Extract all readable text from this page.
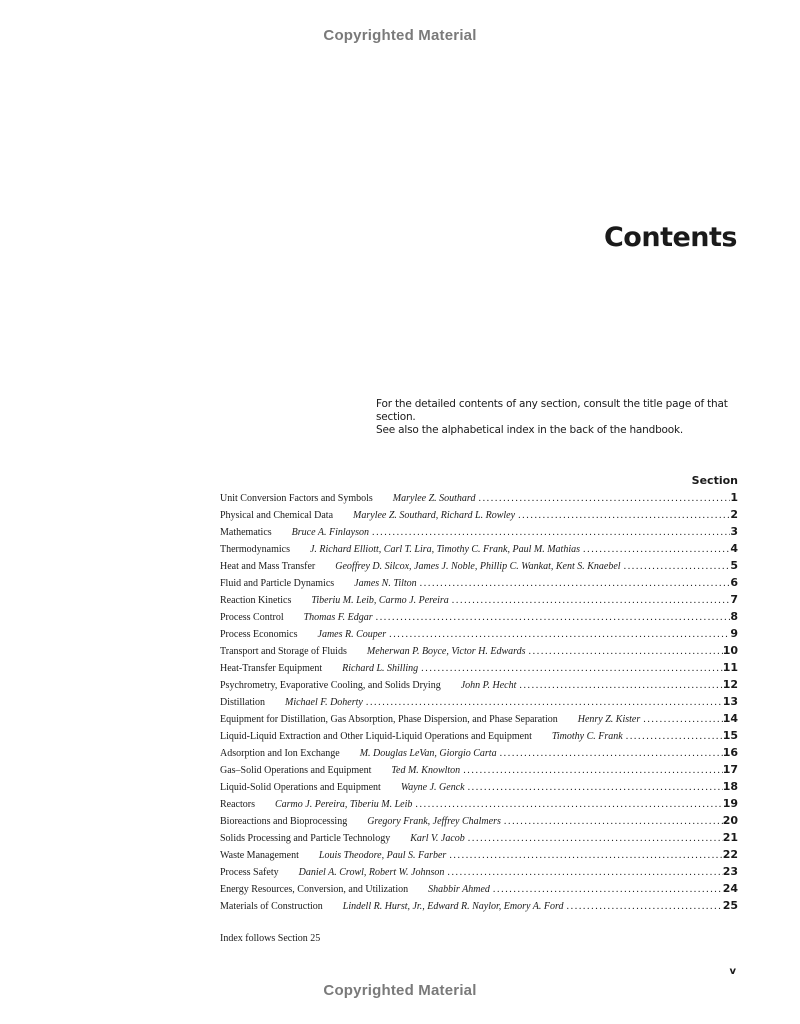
Copyrighted Material
Contents
For the detailed contents of any section, consult the title page of that section.
See also the alphabetical index in the back of the handbook.
Section
Unit Conversion Factors and Symbols	Marylee Z. Southard .....	1
Physical and Chemical Data	Marylee Z. Southard, Richard L. Rowley .....	2
Mathematics	Bruce A. Finlayson .....	3
Thermodynamics	J. Richard Elliott, Carl T. Lira, Timothy C. Frank, Paul M. Mathias .....	4
Heat and Mass Transfer	Geoffrey D. Silcox, James J. Noble, Phillip C. Wankat, Kent S. Knaebel .....	5
Fluid and Particle Dynamics	James N. Tilton .....	6
Reaction Kinetics	Tiberiu M. Leib, Carmo J. Pereira .....	7
Process Control	Thomas F. Edgar .....	8
Process Economics	James R. Couper .....	9
Transport and Storage of Fluids	Meherwan P. Boyce, Victor H. Edwards .....	10
Heat-Transfer Equipment	Richard L. Shilling .....	11
Psychrometry, Evaporative Cooling, and Solids Drying	John P. Hecht .....	12
Distillation	Michael F. Doherty .....	13
Equipment for Distillation, Gas Absorption, Phase Dispersion, and Phase Separation	Henry Z. Kister .....	14
Liquid-Liquid Extraction and Other Liquid-Liquid Operations and Equipment	Timothy C. Frank .....	15
Adsorption and Ion Exchange	M. Douglas LeVan, Giorgio Carta .....	16
Gas–Solid Operations and Equipment	Ted M. Knowlton .....	17
Liquid-Solid Operations and Equipment	Wayne J. Genck .....	18
Reactors	Carmo J. Pereira, Tiberiu M. Leib .....	19
Bioreactions and Bioprocessing	Gregory Frank, Jeffrey Chalmers .....	20
Solids Processing and Particle Technology	Karl V. Jacob .....	21
Waste Management	Louis Theodore, Paul S. Farber .....	22
Process Safety	Daniel A. Crowl, Robert W. Johnson .....	23
Energy Resources, Conversion, and Utilization	Shabbir Ahmed .....	24
Materials of Construction	Lindell R. Hurst, Jr., Edward R. Naylor, Emory A. Ford .....	25
Index follows Section 25
v
Copyrighted Material
